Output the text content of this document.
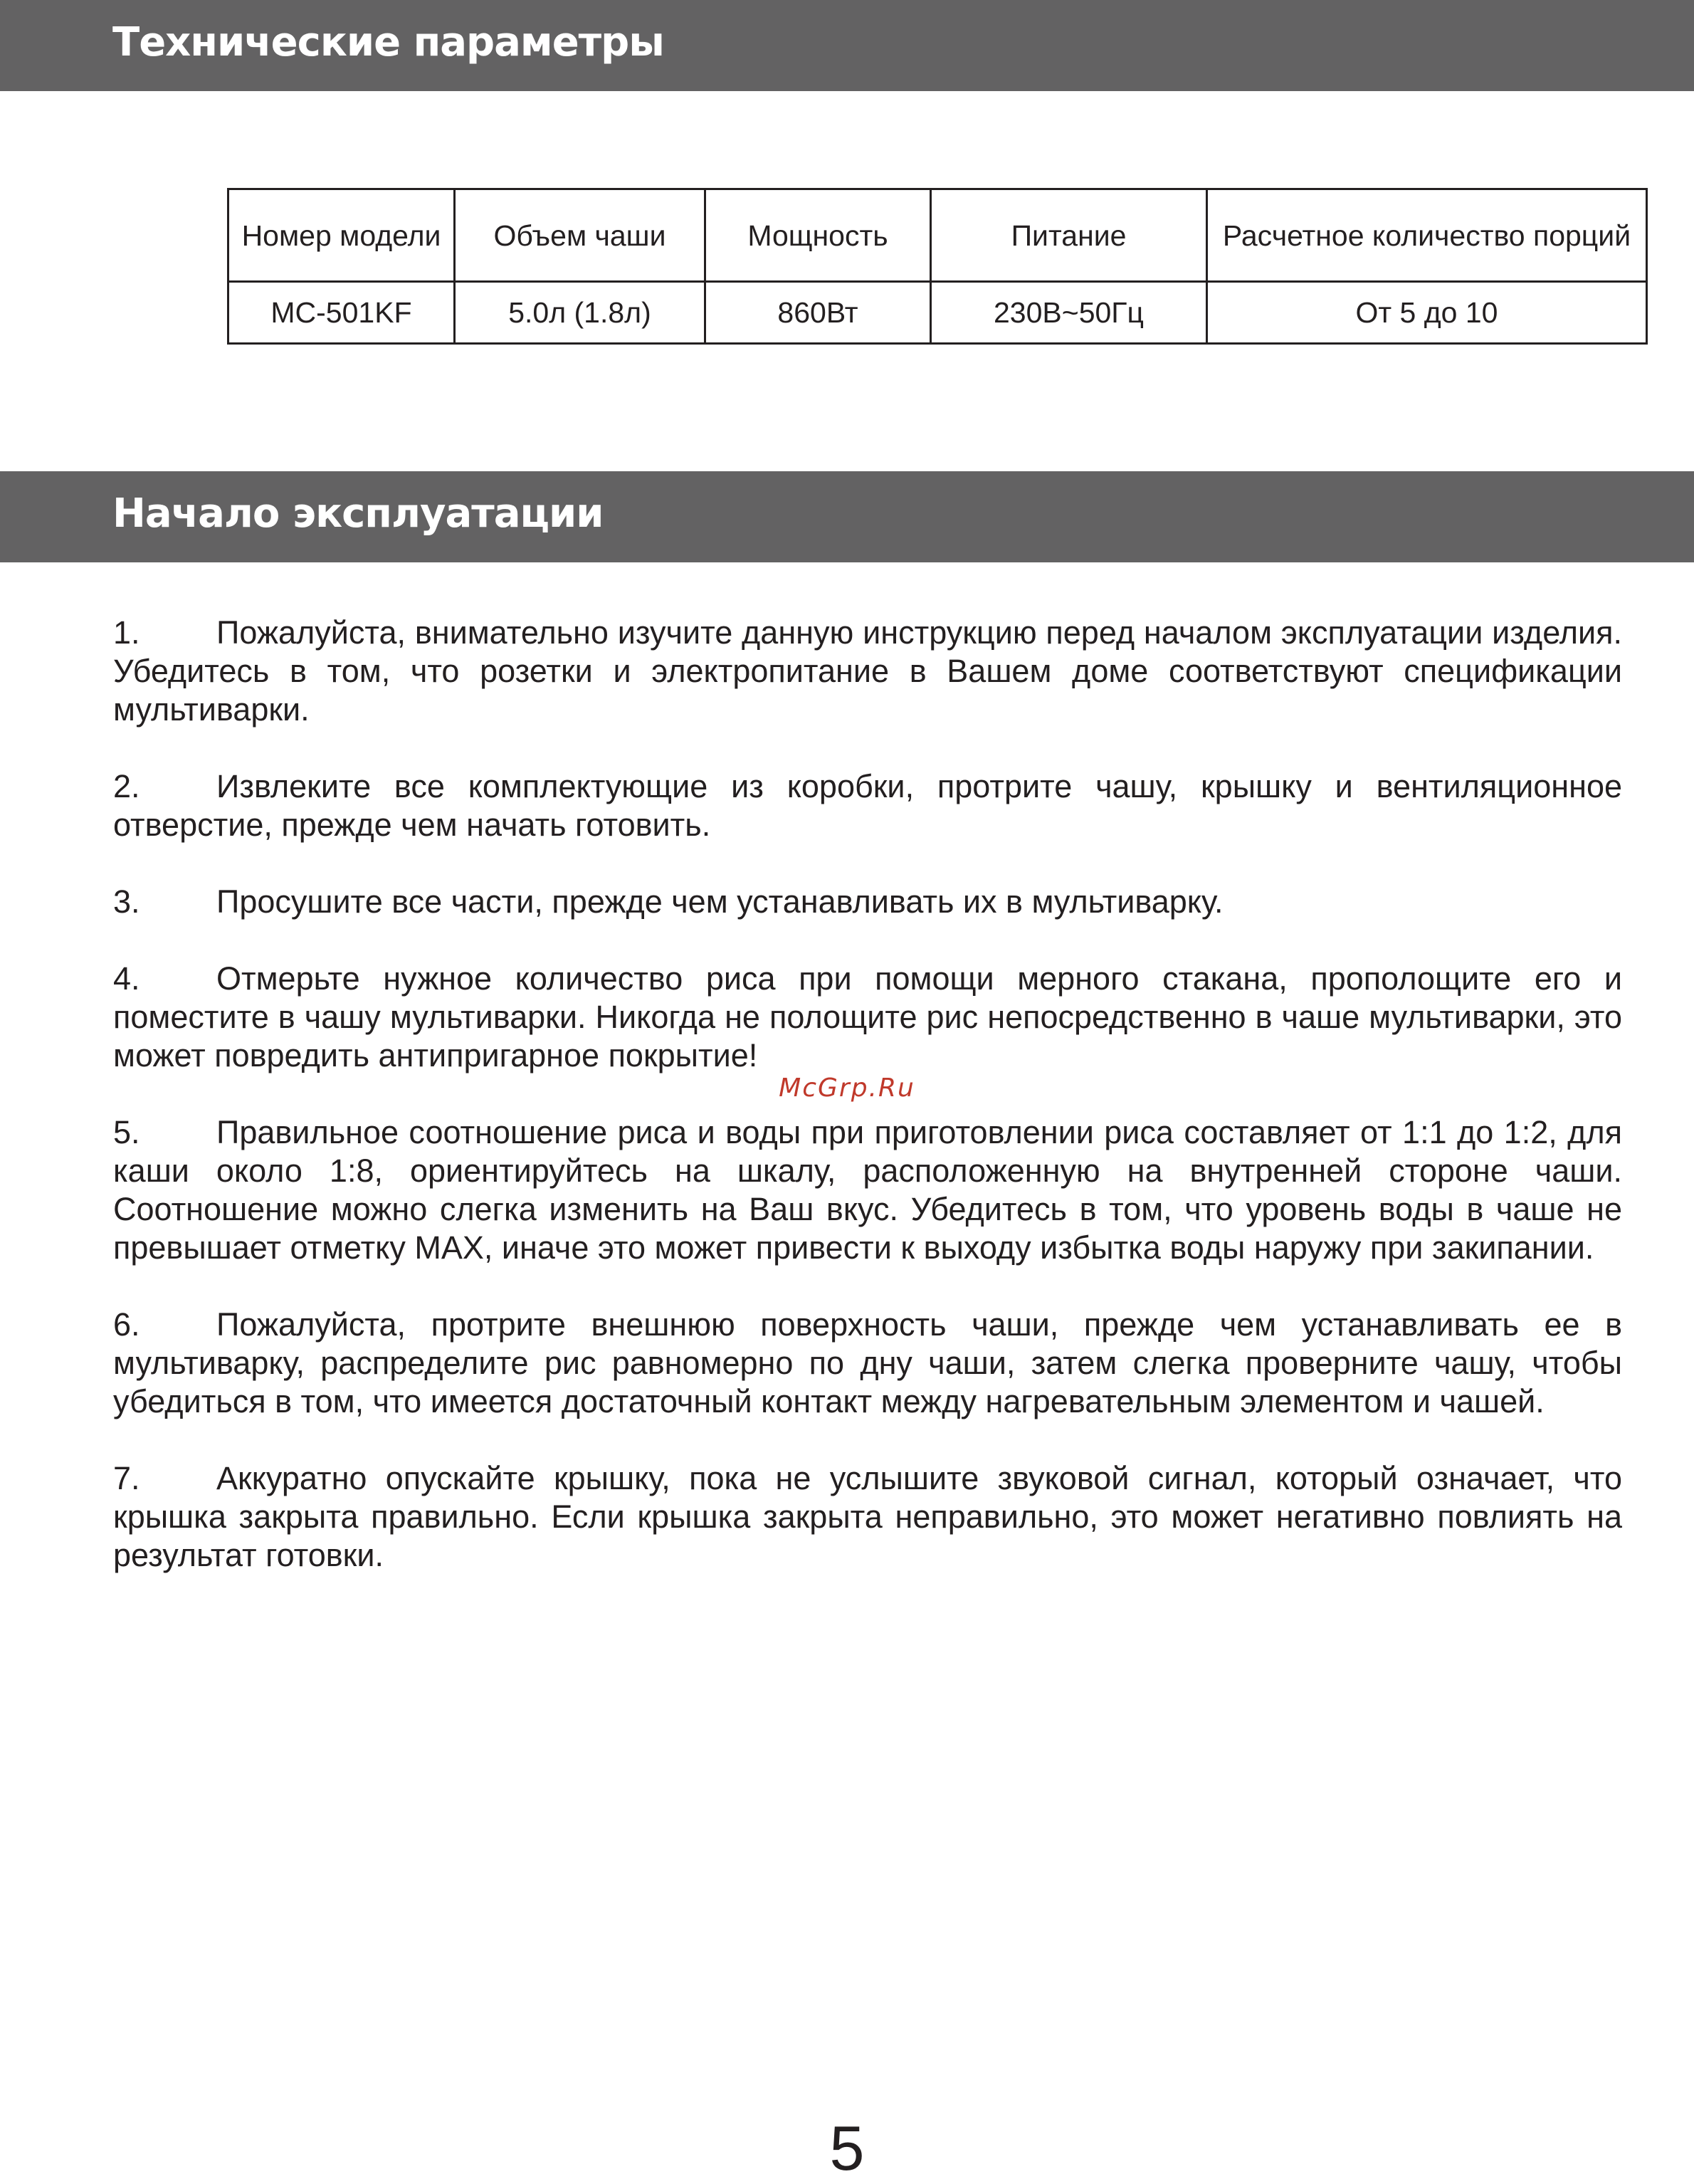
Технические параметры
Номер модели	Объем чаши	Мощность	Питание	Расчетное количество порций
MC-501KF	5.0л (1.8л)	860Вт	230В~50Гц	От 5 до 10
Начало эксплуатации
1. Пожалуйста, внимательно изучите данную инструкцию перед началом эксплуатации изделия. Убедитесь в том, что розетки и электропитание в Вашем доме соответствуют спецификации мультиварки.
2. Извлеките все комплектующие из коробки, протрите чашу, крышку и вентиляционное отверстие, прежде чем начать готовить.
3. Просушите все части, прежде чем устанавливать их в мультиварку.
4. Отмерьте нужное количество риса при помощи мерного стакана, прополощите его и поместите в чашу мультиварки. Никогда не полощите рис непосредственно в чаше мультиварки, это может повредить антипригарное покрытие!
5. Правильное соотношение риса и воды при приготовлении риса составляет от 1:1 до 1:2, для каши около 1:8, ориентируйтесь на шкалу, расположенную на внутренней стороне чаши. Соотношение можно слегка изменить на Ваш вкус. Убедитесь в том, что уровень воды в чаше не превышает отметку MAX, иначе это может привести к выходу избытка воды наружу при закипании.
6. Пожалуйста, протрите внешнюю поверхность чаши, прежде чем устанавливать ее в мультиварку, распределите рис равномерно по дну чаши, затем слегка проверните чашу, чтобы убедиться в том, что имеется достаточный контакт между нагревательным элементом и чашей.
7. Аккуратно опускайте крышку, пока не услышите звуковой сигнал, который означает, что крышка закрыта правильно. Если крышка закрыта неправильно, это может негативно повлиять на результат готовки.
McGrp.Ru
5
